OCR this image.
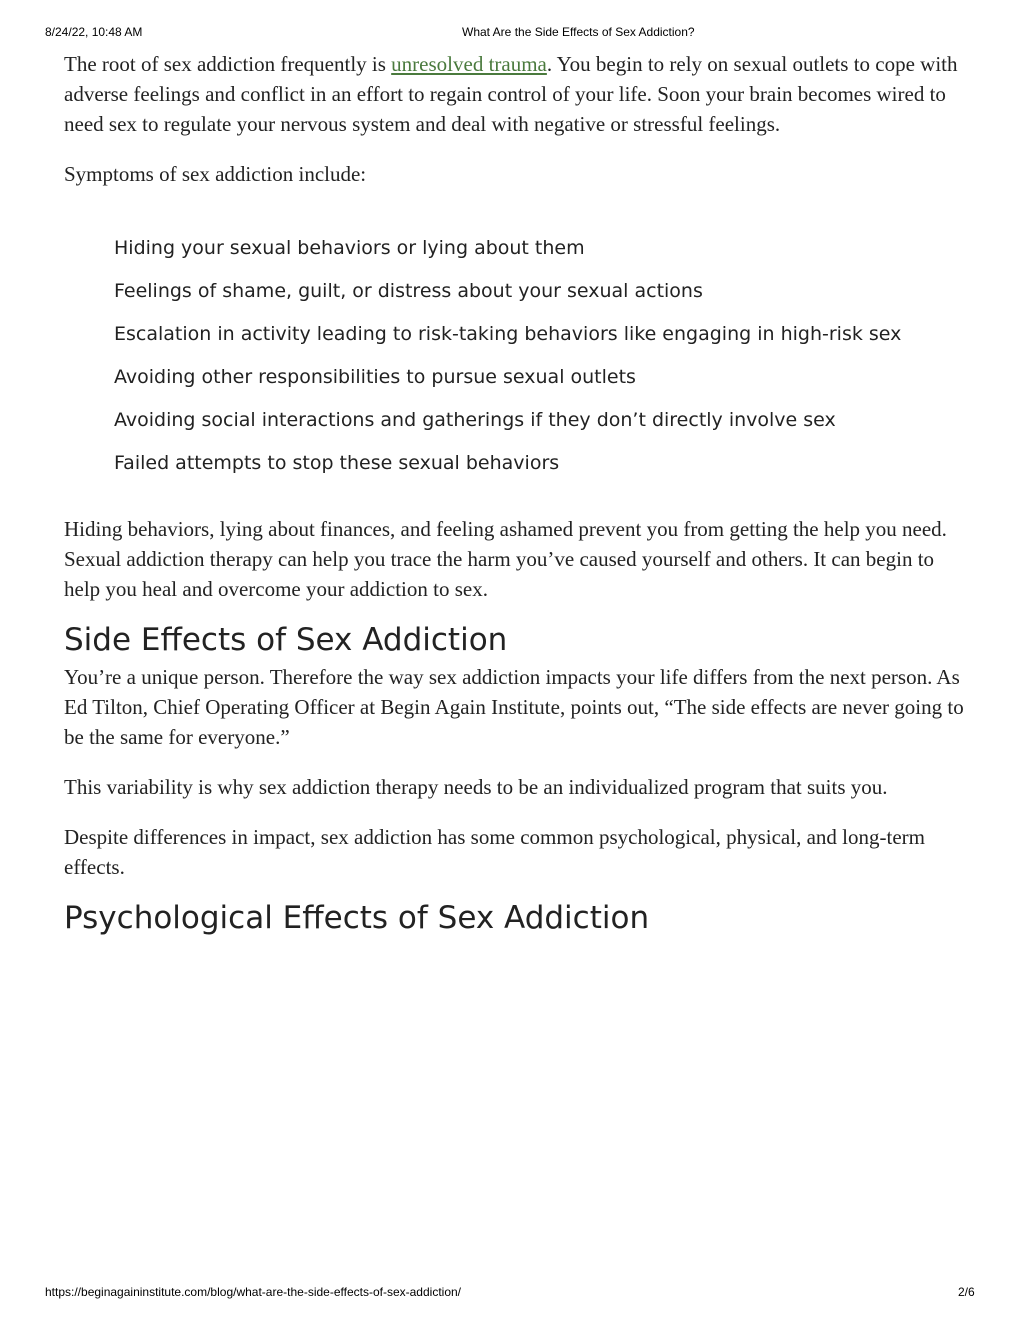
8/24/22, 10:48 AM	What Are the Side Effects of Sex Addiction?

The root of sex addiction frequently is unresolved trauma. You begin to rely on sexual outlets to cope with adverse feelings and conflict in an effort to regain control of your life. Soon your brain becomes wired to need sex to regulate your nervous system and deal with negative or stressful feelings.

Symptoms of sex addiction include:

Hiding your sexual behaviors or lying about them
Feelings of shame, guilt, or distress about your sexual actions
Escalation in activity leading to risk-taking behaviors like engaging in high-risk sex
Avoiding other responsibilities to pursue sexual outlets
Avoiding social interactions and gatherings if they don’t directly involve sex
Failed attempts to stop these sexual behaviors

Hiding behaviors, lying about finances, and feeling ashamed prevent you from getting the help you need. Sexual addiction therapy can help you trace the harm you’ve caused yourself and others. It can begin to help you heal and overcome your addiction to sex.

Side Effects of Sex Addiction

You’re a unique person. Therefore the way sex addiction impacts your life differs from the next person. As Ed Tilton, Chief Operating Officer at Begin Again Institute, points out, “The side effects are never going to be the same for everyone.”

This variability is why sex addiction therapy needs to be an individualized program that suits you.

Despite differences in impact, sex addiction has some common psychological, physical, and long-term effects.

Psychological Effects of Sex Addiction
https://beginagaininstitute.com/blog/what-are-the-side-effects-of-sex-addiction/	2/6
